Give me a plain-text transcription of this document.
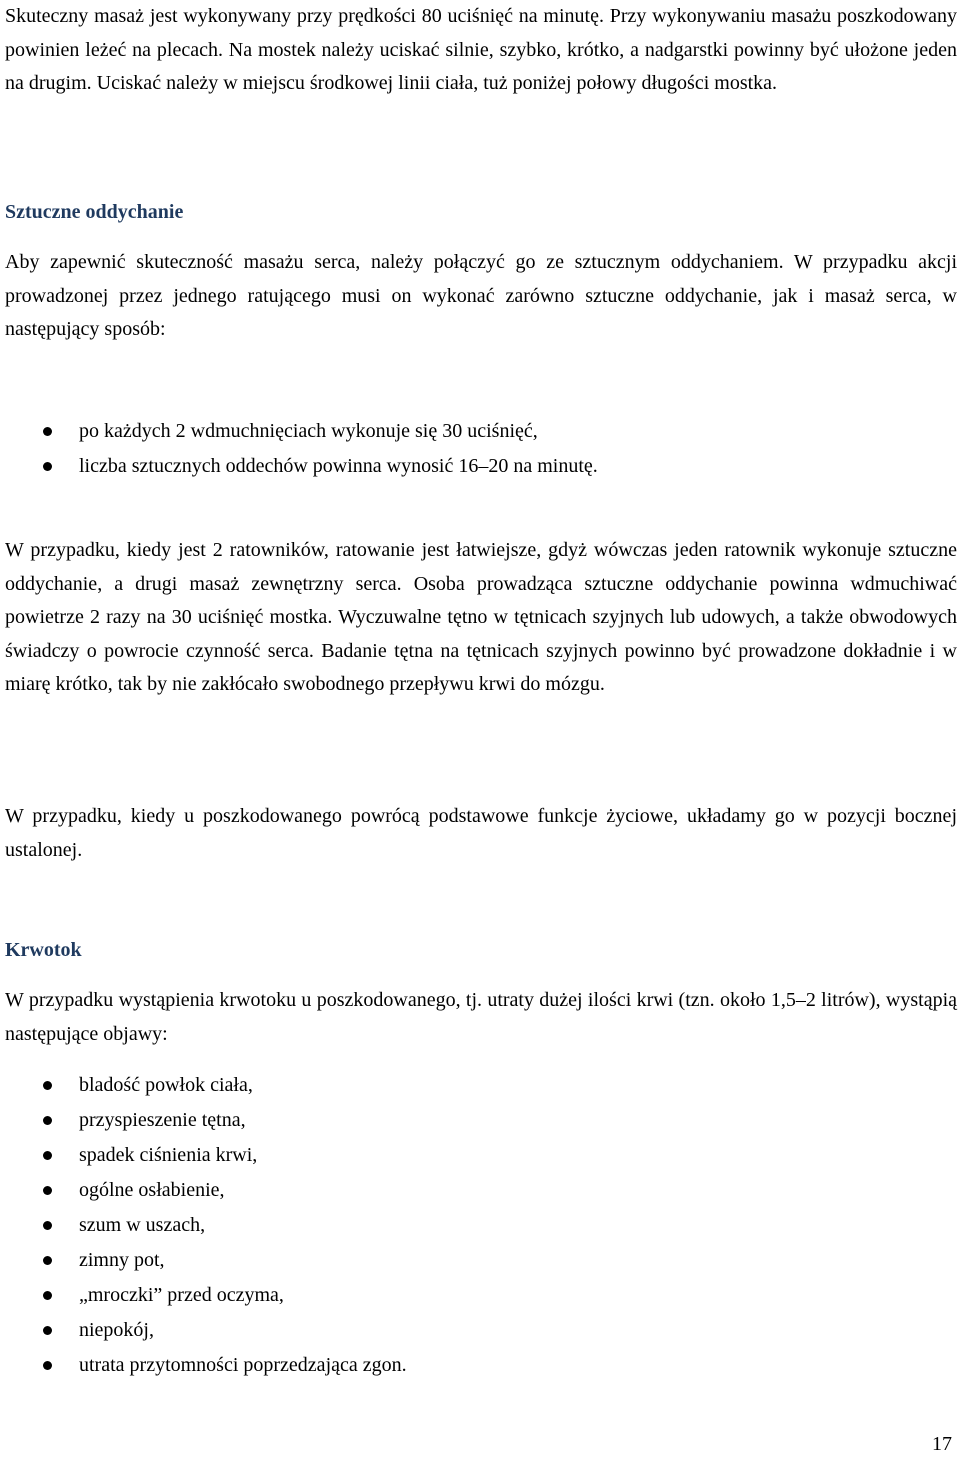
Skuteczny masaż jest wykonywany przy prędkości 80 uciśnięć na minutę. Przy wykonywaniu masażu poszkodowany powinien leżeć na plecach. Na mostek należy uciskać silnie, szybko, krótko, a nadgarstki powinny być ułożone jeden na drugim. Uciskać należy w miejscu środkowej linii ciała, tuż poniżej połowy długości mostka.

Sztuczne oddychanie

Aby zapewnić skuteczność masażu serca, należy połączyć go ze sztucznym oddychaniem. W przypadku akcji prowadzonej przez jednego ratującego musi on wykonać zarówno sztuczne oddychanie, jak i masaż serca, w następujący sposób:

po każdych 2 wdmuchnięciach wykonuje się 30 uciśnięć,
liczba sztucznych oddechów powinna wynosić 16–20 na minutę.

W przypadku, kiedy jest 2 ratowników, ratowanie jest łatwiejsze, gdyż wówczas jeden ratownik wykonuje sztuczne oddychanie, a drugi masaż zewnętrzny serca. Osoba prowadząca sztuczne oddychanie powinna wdmuchiwać powietrze 2 razy na 30 uciśnięć mostka. Wyczuwalne tętno w tętnicach szyjnych lub udowych, a także obwodowych świadczy o powrocie czynność serca. Badanie tętna na tętnicach szyjnych powinno być prowadzone dokładnie i w miarę krótko, tak by nie zakłócało swobodnego przepływu krwi do mózgu.

W przypadku, kiedy u poszkodowanego powrócą podstawowe funkcje życiowe, układamy go w pozycji bocznej ustalonej.

Krwotok

W przypadku wystąpienia krwotoku u poszkodowanego, tj. utraty dużej ilości krwi (tzn. około 1,5–2 litrów), wystąpią następujące objawy:

bladość powłok ciała,
przyspieszenie tętna,
spadek ciśnienia krwi,
ogólne osłabienie,
szum w uszach,
zimny pot,
„mroczki” przed oczyma,
niepokój,
utrata przytomności poprzedzająca zgon.
17
